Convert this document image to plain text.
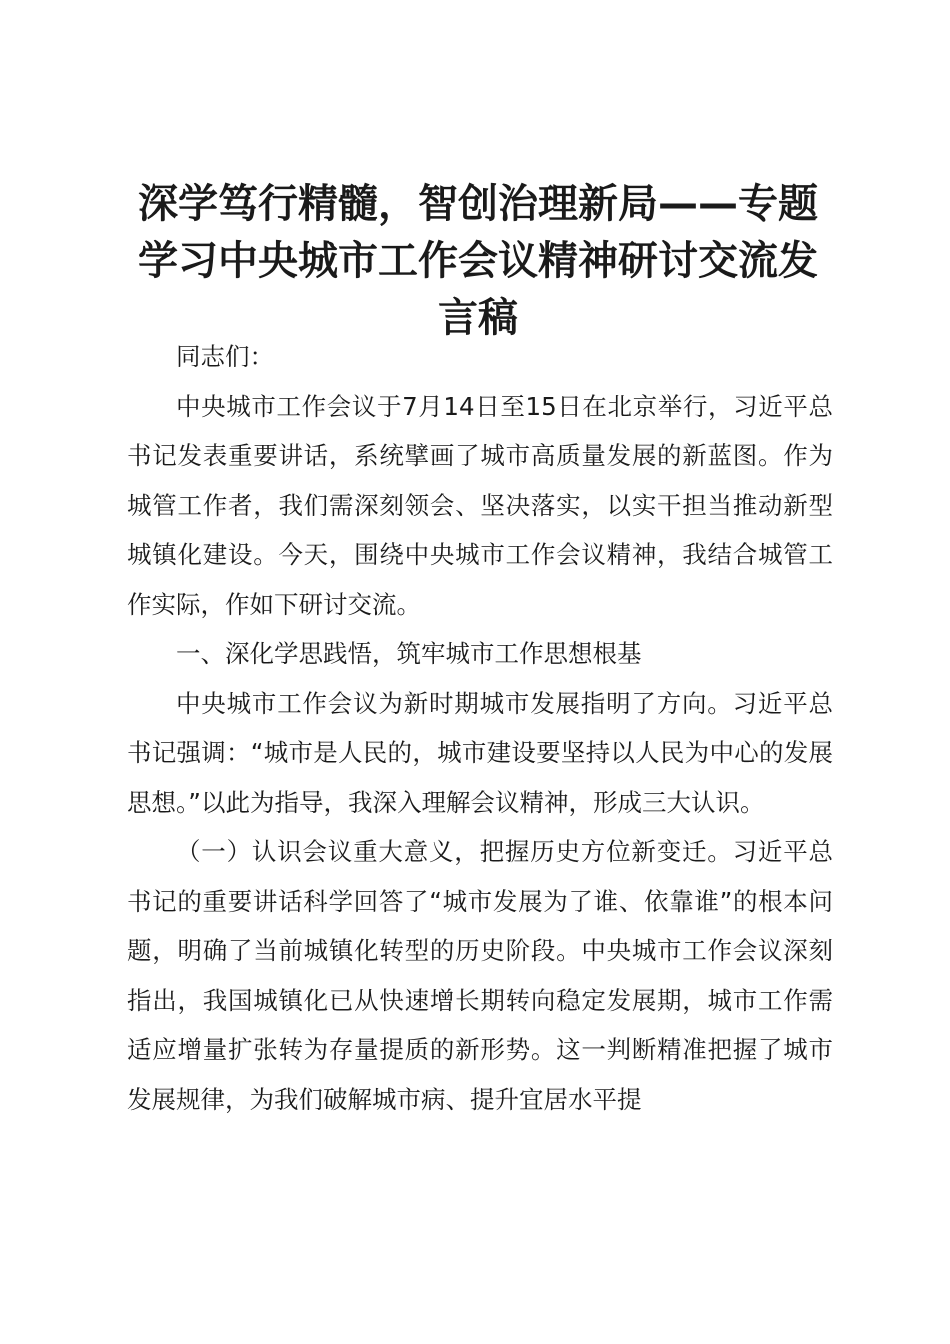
深学笃行精髓，智创治理新局——专题学习中央城市工作会议精神研讨交流发言稿

同志们：

中央城市工作会议于7月14日至15日在北京举行，习近平总书记发表重要讲话，系统擘画了城市高质量发展的新蓝图。作为城管工作者，我们需深刻领会、坚决落实，以实干担当推动新型城镇化建设。今天，围绕中央城市工作会议精神，我结合城管工作实际，作如下研讨交流。

一、深化学思践悟，筑牢城市工作思想根基

中央城市工作会议为新时期城市发展指明了方向。习近平总书记强调：“城市是人民的，城市建设要坚持以人民为中心的发展思想。”以此为指导，我深入理解会议精神，形成三大认识。

（一）认识会议重大意义，把握历史方位新变迁。习近平总书记的重要讲话科学回答了“城市发展为了谁、依靠谁”的根本问题，明确了当前城镇化转型的历史阶段。中央城市工作会议深刻指出，我国城镇化已从快速增长期转向稳定发展期，城市工作需适应增量扩张转为存量提质的新形势。这一判断精准把握了城市发展规律，为我们破解城市病、提升宜居水平提
